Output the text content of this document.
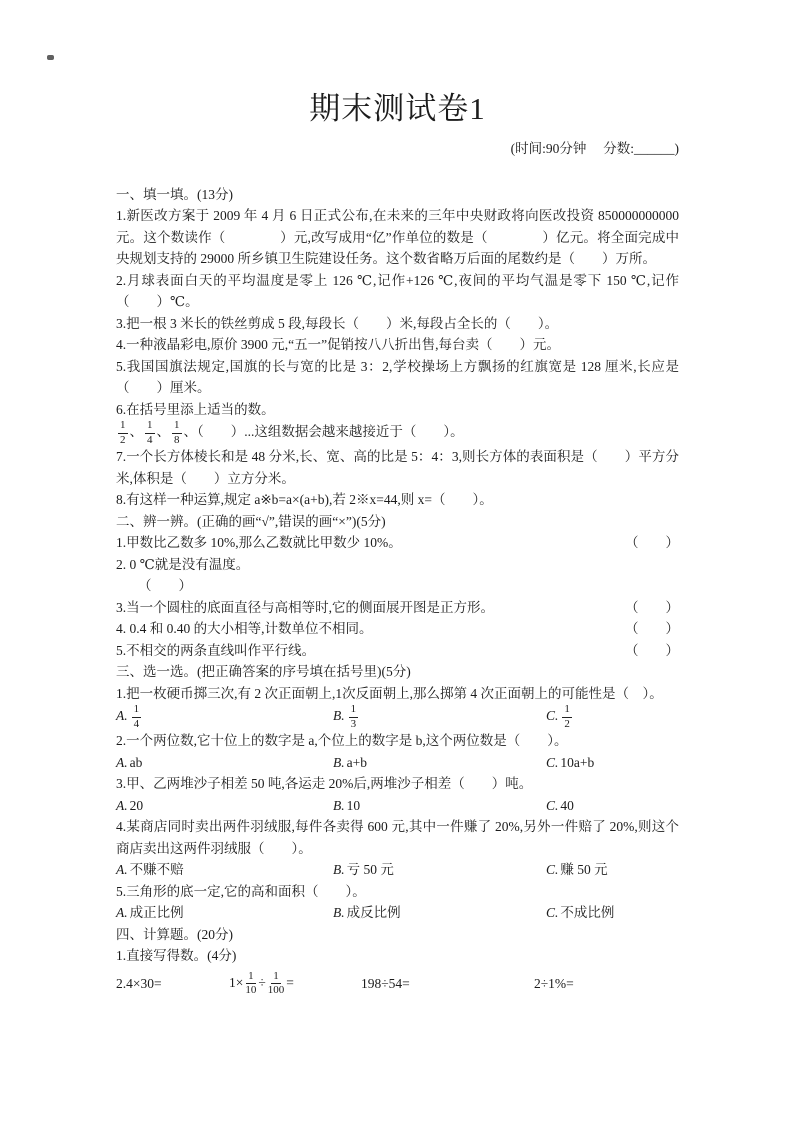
期末测试卷1
(时间:90分钟　 分数:______)

一、填一填。(13分)

1.新医改方案于 2009 年 4 月 6 日正式公布,在未来的三年中央财政将向医改投资 850000000000 元。这个数读作（　　　　）元,改写成用“亿”作单位的数是（　　　　）亿元。将全面完成中央规划支持的 29000 所乡镇卫生院建设任务。这个数省略万后面的尾数约是（　　）万所。

2.月球表面白天的平均温度是零上 126 ℃,记作+126 ℃,夜间的平均气温是零下 150 ℃,记作（　　）℃。

3.把一根 3 米长的铁丝剪成 5 段,每段长（　　）米,每段占全长的（　　）。

4.一种液晶彩电,原价 3900 元,“五一”促销按八八折出售,每台卖（　　）元。

5.我国国旗法规定,国旗的长与宽的比是 3：2,学校操场上方飘扬的红旗宽是 128 厘米,长应是（　　）厘米。

6.在括号里添上适当的数。

$\frac{1}{2}$ 、 $\frac{1}{4}$ 、 $\frac{1}{8}$ 、（　　）...这组数据会越来越接近于（　　）。

7.一个长方体棱长和是 48 分米,长、宽、高的比是 5：4：3,则长方体的表面积是（　　）平方分米,体积是（　　）立方分米。

8.有这样一种运算,规定 a※b=a×(a+b),若 2※x=44,则 x=（　　）。

二、辨一辨。(正确的画“√”,错误的画“×”)(5分)

1.甲数比乙数多 10%,那么乙数就比甲数少 10%。	（　　）

2. 0 ℃就是没有温度。

（　　）

3.当一个圆柱的底面直径与高相等时,它的侧面展开图是正方形。	（　　）
4. 0.4 和 0.40 的大小相等,计数单位不相同。	（　　）
5.不相交的两条直线叫作平行线。	（　　）

三、选一选。(把正确答案的序号填在括号里)(5分)

1.把一枚硬币掷三次,有 2 次正面朝上,1次反面朝上,那么掷第 4 次正面朝上的可能性是（　）。

A. $\frac{1}{4}$	B. $\frac{1}{3}$	C. $\frac{1}{2}$

2.一个两位数,它十位上的数字是 a,个位上的数字是 b,这个两位数是（　　）。

A. ab	B. a+b	C. 10a+b

3.甲、乙两堆沙子相差 50 吨,各运走 20%后,两堆沙子相差（　　）吨。

A. 20	B. 10	C. 40

4.某商店同时卖出两件羽绒服,每件各卖得 600 元,其中一件赚了 20%,另外一件赔了 20%,则这个商店卖出这两件羽绒服（　　）。

A. 不赚不赔	B. 亏 50 元	C. 赚 50 元

5.三角形的底一定,它的高和面积（　　）。

A. 成正比例	B. 成反比例	C. 不成比例

四、计算题。(20分)

1.直接写得数。(4分)

2.4×30=	$1\times \frac{1}{10} \div \frac{1}{100}$ =	198÷54=	2÷1%=
